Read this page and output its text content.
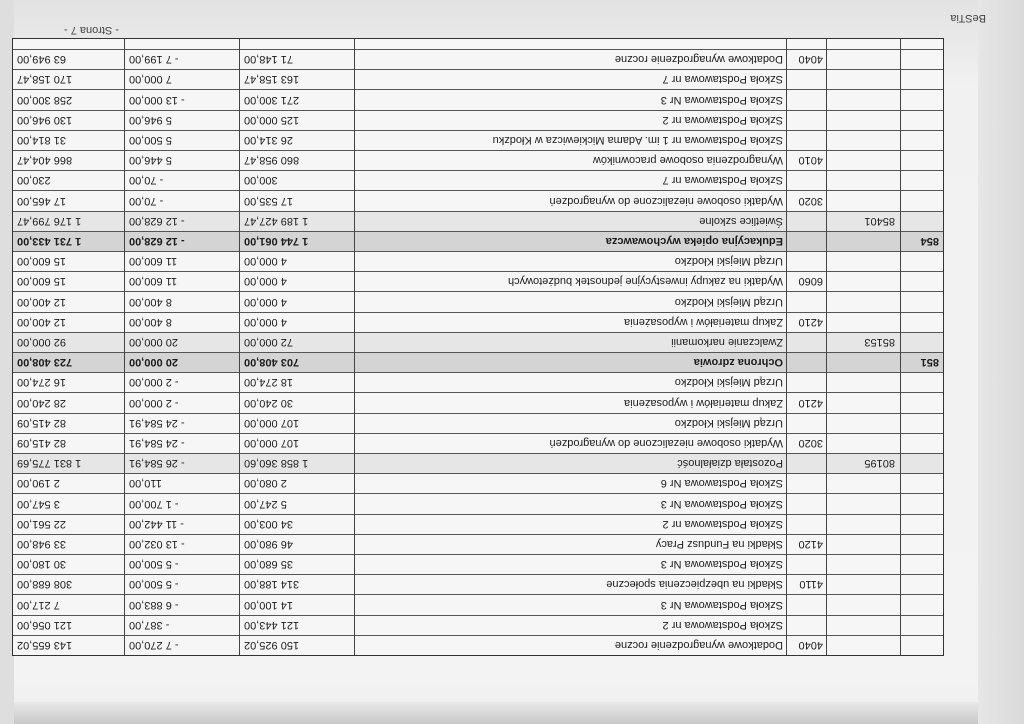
4040
Dodatkowe wynagrodzenie roczne
150 925,02
- 7 270,00
143 655,02
Szkoła Podstawowa nr 2
121 443,00
- 387,00
121 056,00
Szkoła Podstawowa Nr 3
14 100,00
- 6 883,00
7 217,00
4110
Składki na ubezpieczenia społeczne
314 188,00
- 5 500,00
308 688,00
Szkoła Podstawowa Nr 3
35 680,00
- 5 500,00
30 180,00
4120
Składki na Fundusz Pracy
46 980,00
- 13 032,00
33 948,00
Szkoła Podstawowa nr 2
34 003,00
- 11 442,00
22 561,00
Szkoła Podstawowa Nr 3
5 247,00
- 1 700,00
3 547,00
Szkoła Podstawowa Nr 6
2 080,00
110,00
2 190,00
80195
Pozostała działalność
1 858 360,60
- 26 584,91
1 831 775,69
3020
Wydatki osobowe niezaliczone do wynagrodzeń
107 000,00
- 24 584,91
82 415,09
Urząd Miejski Kłodzko
107 000,00
- 24 584,91
82 415,09
4210
Zakup materiałów i wyposażenia
30 240,00
- 2 000,00
28 240,00
Urząd Miejski Kłodzko
18 274,00
- 2 000,00
16 274,00
851
Ochrona zdrowia
703 408,00
20 000,00
723 408,00
85153
Zwalczanie narkomanii
72 000,00
20 000,00
92 000,00
4210
Zakup materiałów i wyposażenia
4 000,00
8 400,00
12 400,00
Urząd Miejski Kłodzko
4 000,00
8 400,00
12 400,00
6060
Wydatki na zakupy inwestycyjne jednostek budżetowych
4 000,00
11 600,00
15 600,00
Urząd Miejski Kłodzko
4 000,00
11 600,00
15 600,00
854
Edukacyjna opieka wychowawcza
1 744 061,00
- 12 628,00
1 731 433,00
85401
Świetlice szkolne
1 189 427,47
- 12 628,00
1 176 799,47
3020
Wydatki osobowe niezaliczone do wynagrodzeń
17 535,00
- 70,00
17 465,00
Szkoła Podstawowa nr 7
300,00
- 70,00
230,00
4010
Wynagrodzenia osobowe pracowników
860 958,47
5 446,00
866 404,47
Szkoła Podstawowa nr 1 im. Adama Mickiewicza w Kłodzku
26 314,00
5 500,00
31 814,00
Szkoła Podstawowa nr 2
125 000,00
5 946,00
130 946,00
Szkoła Podstawowa Nr 3
271 300,00
- 13 000,00
258 300,00
Szkoła Podstawowa nr 7
163 158,47
7 000,00
170 158,47
4040
Dodatkowe wynagrodzenie roczne
71 148,00
- 7 199,00
63 949,00
- Strona 7 -
BeSTia
